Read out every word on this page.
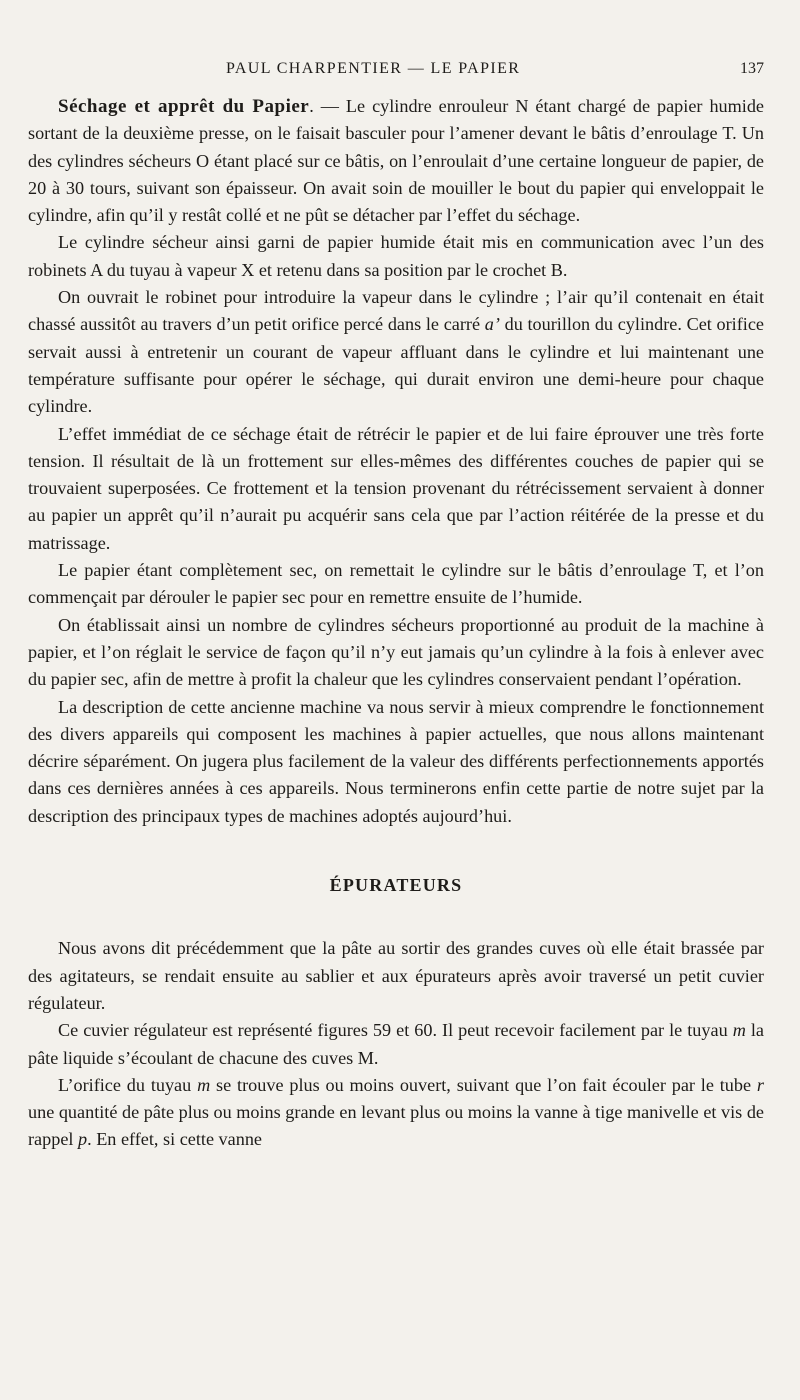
PAUL CHARPENTIER — LE PAPIER	137

Séchage et apprêt du Papier. — Le cylindre enrouleur N étant chargé de papier humide sortant de la deuxième presse, on le faisait basculer pour l’amener devant le bâtis d’enroulage T. Un des cylindres sécheurs O étant placé sur ce bâtis, on l’enroulait d’une certaine longueur de papier, de 20 à 30 tours, suivant son épaisseur. On avait soin de mouiller le bout du papier qui enveloppait le cylindre, afin qu’il y restât collé et ne pût se détacher par l’effet du séchage.

Le cylindre sécheur ainsi garni de papier humide était mis en communication avec l’un des robinets A du tuyau à vapeur X et retenu dans sa position par le crochet B.

On ouvrait le robinet pour introduire la vapeur dans le cylindre ; l’air qu’il contenait en était chassé aussitôt au travers d’un petit orifice percé dans le carré a’ du tourillon du cylindre. Cet orifice servait aussi à entretenir un courant de vapeur affluant dans le cylindre et lui maintenant une température suffisante pour opérer le séchage, qui durait environ une demi-heure pour chaque cylindre.

L’effet immédiat de ce séchage était de rétrécir le papier et de lui faire éprouver une très forte tension. Il résultait de là un frottement sur elles-mêmes des différentes couches de papier qui se trouvaient superposées. Ce frottement et la tension provenant du rétrécissement servaient à donner au papier un apprêt qu’il n’aurait pu acquérir sans cela que par l’action réitérée de la presse et du matrissage.

Le papier étant complètement sec, on remettait le cylindre sur le bâtis d’enroulage T, et l’on commençait par dérouler le papier sec pour en remettre ensuite de l’humide.

On établissait ainsi un nombre de cylindres sécheurs proportionné au produit de la machine à papier, et l’on réglait le service de façon qu’il n’y eut jamais qu’un cylindre à la fois à enlever avec du papier sec, afin de mettre à profit la chaleur que les cylindres conservaient pendant l’opération.

La description de cette ancienne machine va nous servir à mieux comprendre le fonctionnement des divers appareils qui composent les machines à papier actuelles, que nous allons maintenant décrire séparément. On jugera plus facilement de la valeur des différents perfectionnements apportés dans ces dernières années à ces appareils. Nous terminerons enfin cette partie de notre sujet par la description des principaux types de machines adoptés aujourd’hui.

ÉPURATEURS

Nous avons dit précédemment que la pâte au sortir des grandes cuves où elle était brassée par des agitateurs, se rendait ensuite au sablier et aux épurateurs après avoir traversé un petit cuvier régulateur.

Ce cuvier régulateur est représenté figures 59 et 60. Il peut recevoir facilement par le tuyau m la pâte liquide s’écoulant de chacune des cuves M.

L’orifice du tuyau m se trouve plus ou moins ouvert, suivant que l’on fait écouler par le tube r une quantité de pâte plus ou moins grande en levant plus ou moins la vanne à tige manivelle et vis de rappel p. En effet, si cette vanne
